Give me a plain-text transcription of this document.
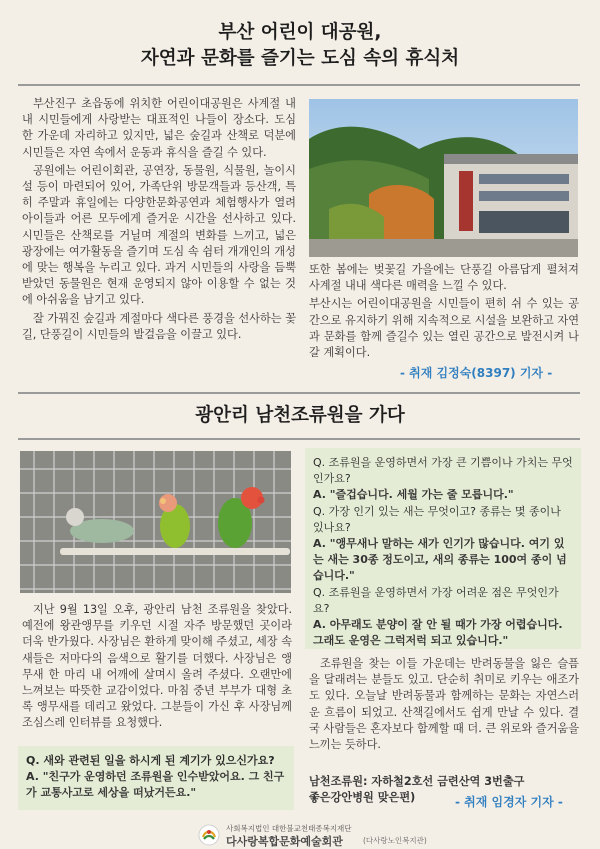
부산 어린이 대공원,
자연과 문화를 즐기는 도심 속의 휴식처

부산진구 초읍동에 위치한 어린이대공원은 사계절 내내 시민들에게 사랑받는 대표적인 나들이 장소다. 도심 한 가운데 자리하고 있지만, 넓은 숲길과 산책로 덕분에 시민들은 자연 속에서 운동과 휴식을 즐길 수 있다.

공원에는 어린이회관, 공연장, 동물원, 식물원, 놀이시설 등이 마련되어 있어, 가족단위 방문객들과 등산객, 특히 주말과 휴일에는 다양한문화공연과 체험행사가 열려 아이들과 어른 모두에게 즐거운 시간을 선사하고 있다. 시민들은 산책로를 거닐며 계절의 변화를 느끼고, 넓은 광장에는 여가활동을 즐기며 도심 속 쉼터 개개인의 개성에 맞는 행복을 누리고 있다. 과거 시민들의 사랑을 듬뿍 받았던 동물원은 현재 운영되지 않아 이용할 수 없는 것에 아쉬움을 남기고 있다.

잘 가꿔진 숲길과 계절마다 색다른 풍경을 선사하는 꽃길, 단풍길이 시민들의 발걸음을 이끌고 있다.

또한 봄에는 벚꽃길 가을에는 단풍길 아름답게 펼쳐져 사계절 내내 색다른 매력을 느낄 수 있다.

부산시는 어린이대공원을 시민들이 편히 쉬 수 있는 공간으로 유지하기 위해 지속적으로 시설을 보완하고 자연과 문화를 함께 즐길수 있는 열린 공간으로 발전시켜 나갈 계획이다.

- 취재 김정숙(8397) 기자 -
광안리 남천조류원을 가다

지난 9월 13일 오후, 광안리 남천 조류원을 찾았다. 예전에 왕관앵무를 키우던 시절 자주 방문했던 곳이라 더욱 반가웠다. 사장님은 환하게 맞이해 주셨고, 세장 속 새들은 저마다의 음색으로 활기를 더했다. 사장님은 앵무새 한 마리 내 어깨에 살며시 올려 주셨다. 오랜만에 느껴보는 따뜻한 교감이었다. 마침 중년 부부가 대형 초록 앵무새를 데리고 왔었다. 그분들이 가신 후 사장님께 조심스레 인터뷰를 요청했다.

Q. 새와 관련된 일을 하시게 된 계기가 있으신가요?
A. "친구가 운영하던 조류원을 인수받았어요. 그 친구가 교통사고로 세상을 떠났거든요."
Q. 조류원을 운영하면서 가장 큰 기쁨이나 가치는 무엇인가요?
A. "즐겁습니다. 세월 가는 줄 모릅니다."
Q. 가장 인기 있는 새는 무엇이고? 종류는 몇 종이나 있나요?
A. "앵무새나 말하는 새가 인기가 많습니다. 여기 있는 새는 30종 정도이고, 새의 종류는 100여 종이 넘습니다."
Q. 조류원을 운영하면서 가장 어려운 점은 무엇인가요?
A. 아무래도 분양이 잘 안 될 때가 가장 어렵습니다. 그래도 운영은 그럭저럭 되고 있습니다."

조류원을 찾는 이들 가운데는 반려동물을 잃은 슬픔을 달래려는 분들도 있고. 단순히 취미로 키우는 애조가도 있다. 오늘날 반려동물과 함께하는 문화는 자연스러운 흐름이 되었고. 산책길에서도 쉽게 만날 수 있다. 결국 사람들은 혼자보다 함께할 때 더. 큰 위로와 즐거움을 느끼는 듯하다.

남천조류원: 자하철2호선 금련산역 3번출구
좋은강안병원 맞은편)	- 취재 임경자 기자 -
사회복지법인 대한불교천태종복지재단
다사랑복합문화예술회관	(다사랑노인복지관)
